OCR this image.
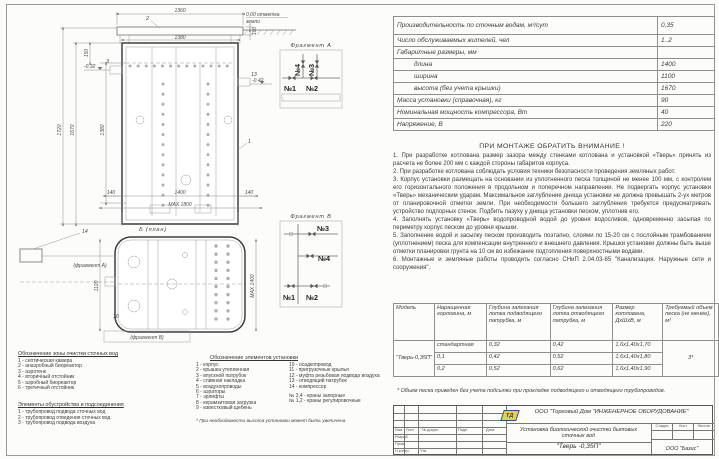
0.00 отметка
земли
1360
1380
100
1720 1670	1380
150
-0.32
-0.42
2
1
3
13
140	1400	140
МАХ 1800
Фрагмент А
№4 №3
№1 №2
Б (план)
14
10
1100	МАХ 1400
(фрагмент А)
(фрагмент В)
Фрагмент В
№3
№4
№1 №2
Обозначение зоны очистки сточных вод
1 - септическая камера
2 - анаэробный биореактор
3 - аэротенк
4 - вторичный отстойник
5 - аэробный биореактор
6 - третичный отстойник
Элементы обустройства и подсоединения
1 - трубопровод подвода сточных вод
2 - трубопровод отведения сточных вод
3 - трубопровод подвода воздуха
Обозначение элементов установки
1 - корпус
2 - крышка утепленная
3 - впускной патрубок
4 - сливная накладка
5 - воздухопроводы
6 - аэраторы
7 - эрлифты
8 - керамзитовая загрузка
9 - известковый щебень
10 - осадкопровод
11 - пригрузочные крылья
12 - муфта резьбовая подвода воздуха
13 - отводящий патрубок
14 - компрессор
№ 3,4 - краны запорные
№ 1,2 - краны регулировочные
* При необходимости высота установки может быть увеличена
Производительность по сточным водам, м³/сут	0,35
Число обслуживаемых жителей, чел	1..2
Габаритные размеры, мм	
длина	1400
ширина	1100
высота (без учета крышки)	1670
Масса установки (справочная), кг	90
Номинальная мощность компрессора, Вт	40
Напряжение, В	220
ПРИ МОНТАЖЕ ОБРАТИТЬ ВНИМАНИЕ !

1. При разработке котлована размер зазора между стенками котлована и установкой «Тверь» принять из расчета не более 200 мм с каждой стороны габаритов корпуса.

2. При разработке котлована соблюдать условия техники безопасности проведения земляных работ.

3. Корпус установки размещать на основании из уплотненного песка толщиной не менее 100 мм, с контролем его горизонтального положения в продольном и поперечном направлении. Не подвергать корпус установки «Тверь» механическим ударам. Максимальное заглубление днища установки не должна превышать 2-ух метров от планировочной отметки земли. При необходимости большего заглубления требуется предусматривать устройство подпорных стенок. Подбить пазуху у днища установки песком, уплотнив его.

4. Заполнять установку «Тверь» водопроводной водой до уровня водосливов, одновременно засыпая по периметру корпус песком до уровня крышки.

5. Заполнение водой и засыпку песком производить поэтапно, слоями по 15-20 см с послойным трамбованием (уплотнением) песка для компенсации внутреннего и внешнего давления. Крышки установки должны быть выше отметки планировки грунта на 10 см во избежание подтопления поверхностными водами.

6. Монтажные и земляные работы проводить согласно СНиП 2.04.03-85 "Канализация. Наружные сети и сооружения".

Модель	Наращенная горловина, м	Глубина залегания лотка подводящего патрубка, м	Глубина залегания лотка отводящего патрубка, м	Размер котлована, ДхШхВ, м	Требуемый объем песка (не менее), м³
"Тверь-0,35П"	стандартная	0,32	0,42	1,6х1,40х1,70	3*
	0,1	0,42	0,52	1,6х1,40х1,80	
	0,2	0,52	0,62	1,6х1,40х1,90	
* Объем песка приведен без учета подсыпки при прокладке подводящего и отводящего трубопроводов.
Изм. Лист № докум.	Подп.	Дата
Разраб.
Пров.
Н.контр.	Утв.
Стадия	Лист	Листов
ТД
ООО "Торговый Дом "ИНЖЕНЕРНОЕ ОБОРУДОВАНИЕ"
Установка биологической очистки бытовых сточных вод
"Тверь -0,35П"	ООО "Базис"
